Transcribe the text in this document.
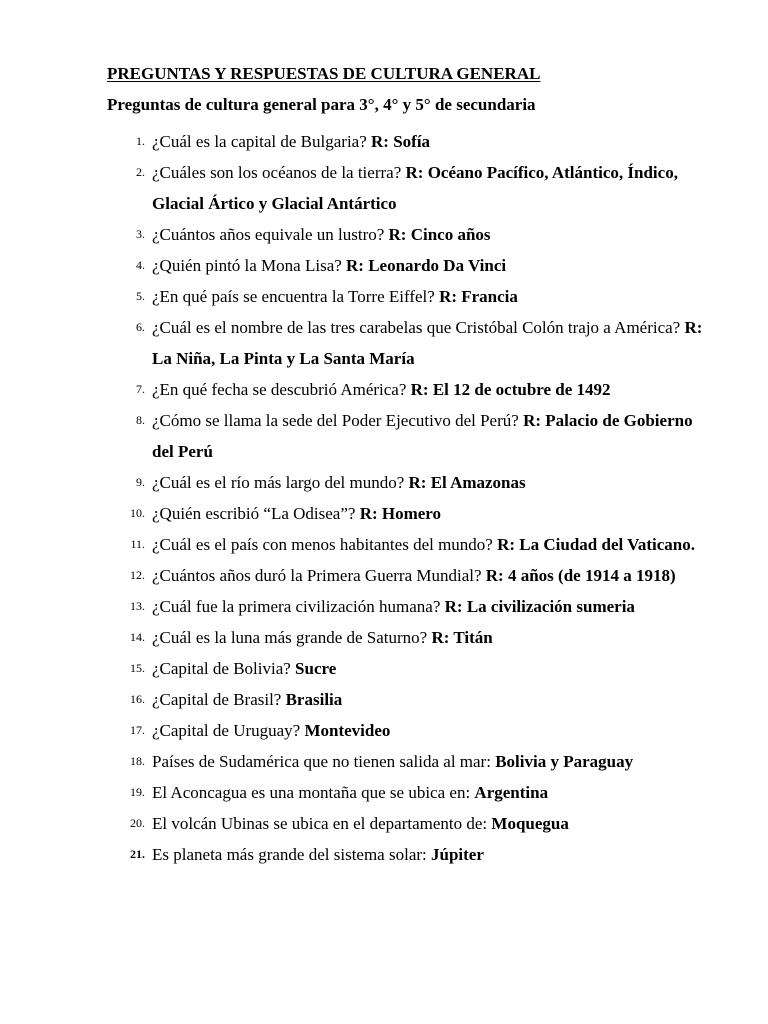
PREGUNTAS Y RESPUESTAS DE CULTURA GENERAL
Preguntas de cultura general para 3°, 4° y 5° de secundaria
1. ¿Cuál es la capital de Bulgaria? R: Sofía
2. ¿Cuáles son los océanos de la tierra? R: Océano Pacífico, Atlántico, Índico, Glacial Ártico y Glacial Antártico
3. ¿Cuántos años equivale un lustro? R: Cinco años
4. ¿Quién pintó la Mona Lisa? R: Leonardo Da Vinci
5. ¿En qué país se encuentra la Torre Eiffel? R: Francia
6. ¿Cuál es el nombre de las tres carabelas que Cristóbal Colón trajo a América? R: La Niña, La Pinta y La Santa María
7. ¿En qué fecha se descubrió América? R: El 12 de octubre de 1492
8. ¿Cómo se llama la sede del Poder Ejecutivo del Perú? R: Palacio de Gobierno del Perú
9. ¿Cuál es el río más largo del mundo? R: El Amazonas
10. ¿Quién escribió “La Odisea”? R: Homero
11. ¿Cuál es el país con menos habitantes del mundo? R: La Ciudad del Vaticano.
12. ¿Cuántos años duró la Primera Guerra Mundial? R: 4 años (de 1914 a 1918)
13. ¿Cuál fue la primera civilización humana? R: La civilización sumeria
14. ¿Cuál es la luna más grande de Saturno? R: Titán
15. ¿Capital de Bolivia? Sucre
16. ¿Capital de Brasil? Brasilia
17. ¿Capital de Uruguay? Montevideo
18. Países de Sudamérica que no tienen salida al mar: Bolivia y Paraguay
19. El Aconcagua es una montaña que se ubica en: Argentina
20. El volcán Ubinas se ubica en el departamento de: Moquegua
21. Es planeta más grande del sistema solar: Júpiter
